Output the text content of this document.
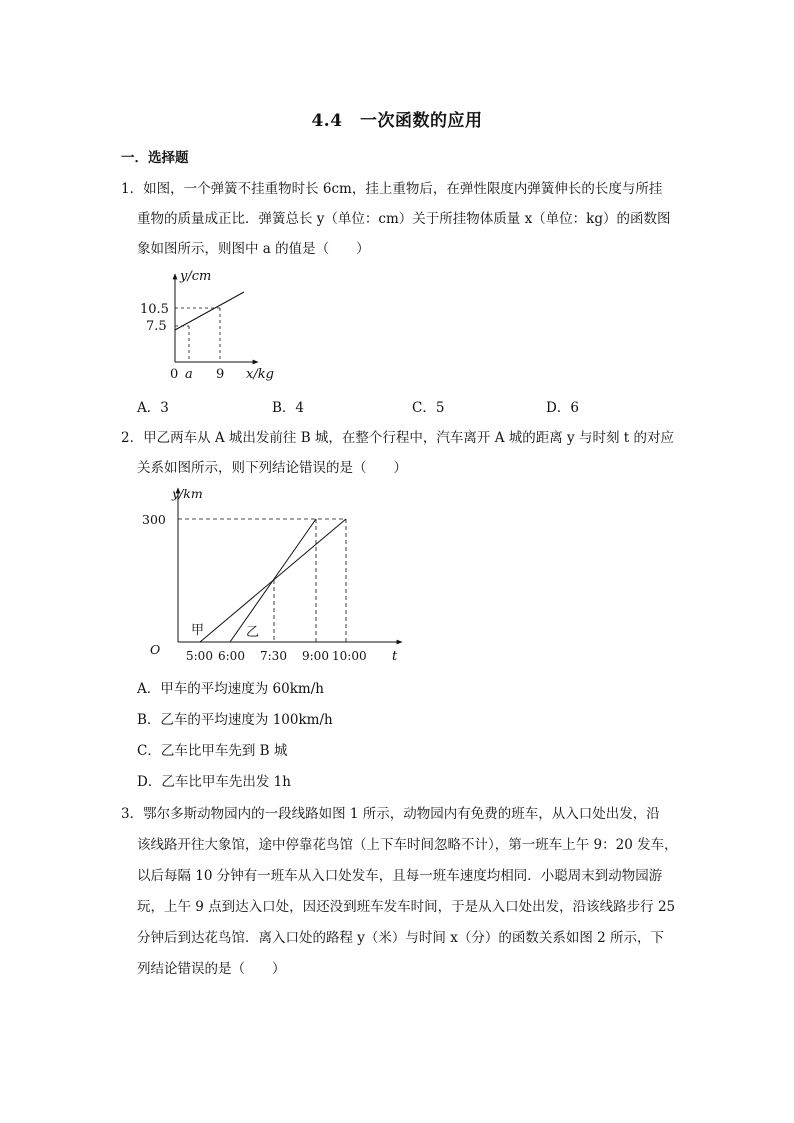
4.4　一次函数的应用
一．选择题
1．如图，一个弹簧不挂重物时长 6cm，挂上重物后，在弹性限度内弹簧伸长的长度与所挂
重物的质量成正比．弹簧总长 y（单位：cm）关于所挂物体质量 x（单位：kg）的函数图
象如图所示，则图中 a 的值是（　　）
y/cm
10.5
7.5
0 a 9 x/kg
A．3	B．4	C．5	D．6
2．甲乙两车从 A 城出发前往 B 城，在整个行程中，汽车离开 A 城的距离 y 与时刻 t 的对应
关系如图所示，则下列结论错误的是（　　）
y/km
300
O
甲	乙
5:00 6:00 7:30 9:00 10:00 t
A．甲车的平均速度为 60km/h
B．乙车的平均速度为 100km/h
C．乙车比甲车先到 B 城
D．乙车比甲车先出发 1h
3．鄂尔多斯动物园内的一段线路如图 1 所示，动物园内有免费的班车，从入口处出发，沿
该线路开往大象馆，途中停靠花鸟馆（上下车时间忽略不计），第一班车上午 9：20 发车，
以后每隔 10 分钟有一班车从入口处发车，且每一班车速度均相同．小聪周末到动物园游
玩，上午 9 点到达入口处，因还没到班车发车时间，于是从入口处出发，沿该线路步行 25
分钟后到达花鸟馆．离入口处的路程 y（米）与时间 x（分）的函数关系如图 2 所示，下
列结论错误的是（　　）
